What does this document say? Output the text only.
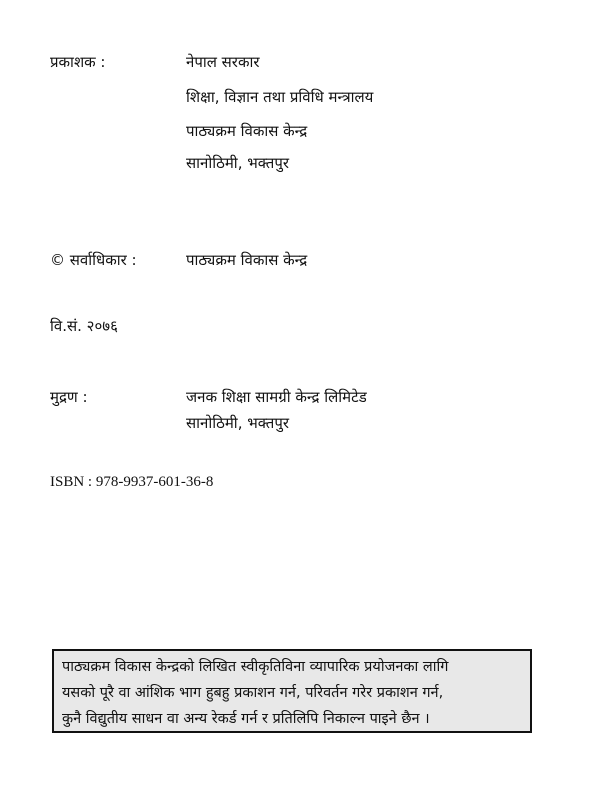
प्रकाशक :	नेपाल सरकार
शिक्षा, विज्ञान तथा प्रविधि मन्त्रालय
पाठ्यक्रम विकास केन्द्र
सानोठिमी, भक्तपुर
© सर्वाधिकार :	पाठ्यक्रम विकास केन्द्र
वि.सं. २०७६
मुद्रण :	जनक शिक्षा सामग्री केन्द्र लिमिटेड
सानोठिमी, भक्तपुर
ISBN : 978-9937-601-36-8
पाठ्यक्रम विकास केन्द्रको लिखित स्वीकृतिविना व्यापारिक प्रयोजनका लागि
यसको पूरै वा आंशिक भाग हुबहु प्रकाशन गर्न, परिवर्तन गरेर प्रकाशन गर्न,
कुनै विद्युतीय साधन वा अन्य रेकर्ड गर्न र प्रतिलिपि निकाल्न पाइने छैन ।
